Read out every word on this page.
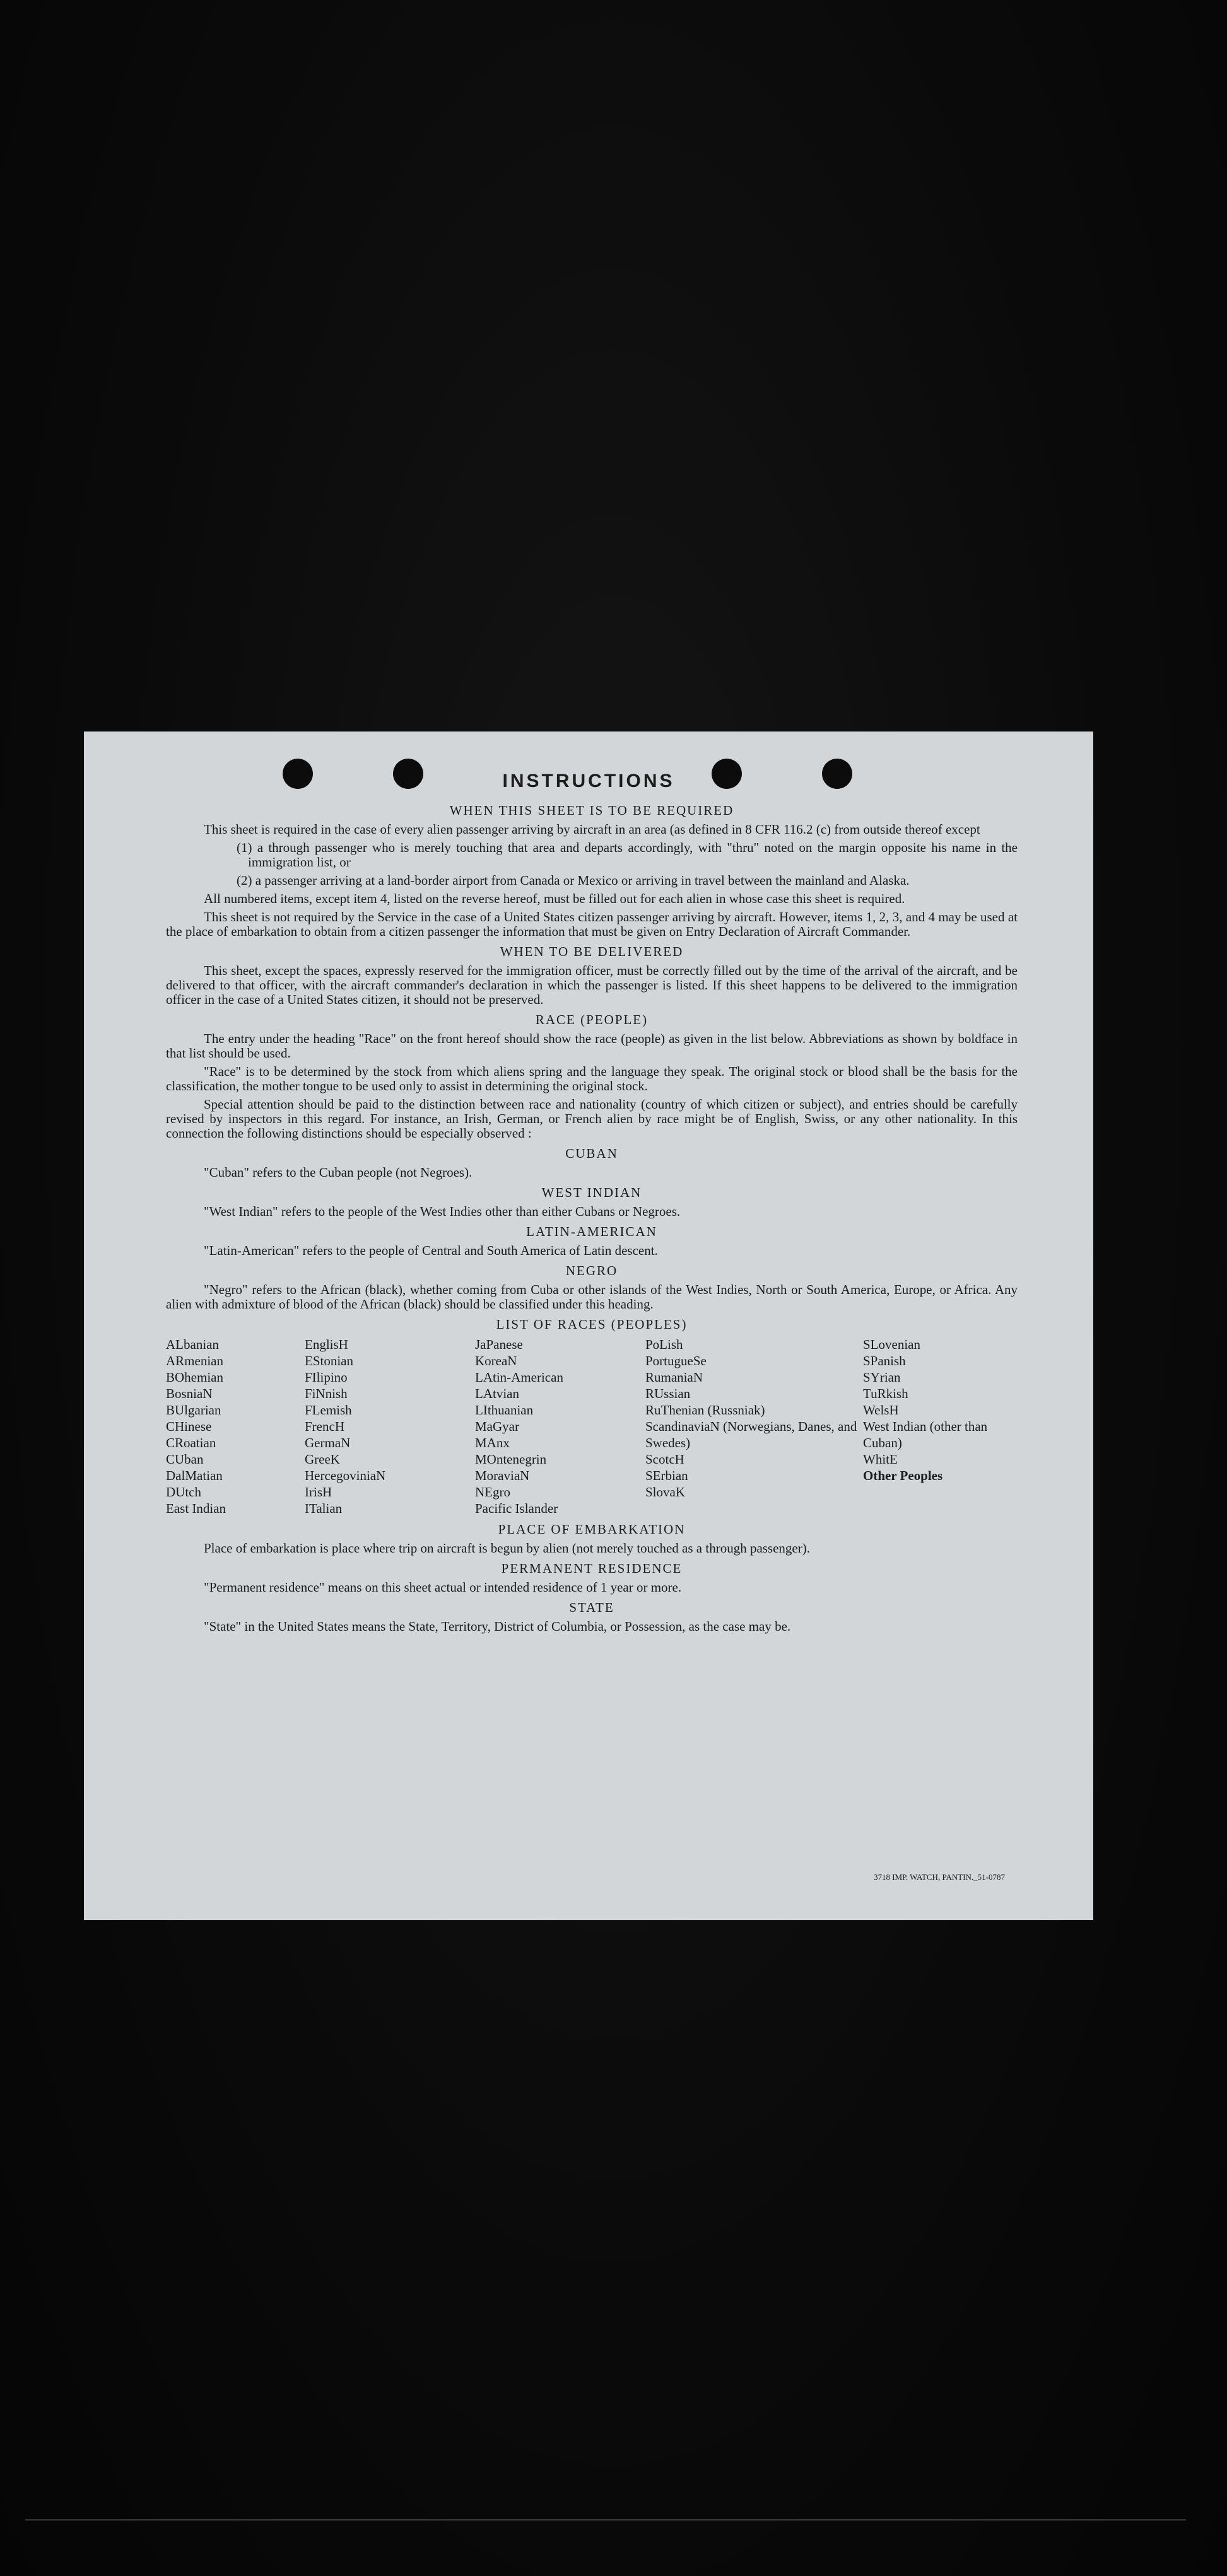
INSTRUCTIONS
WHEN THIS SHEET IS TO BE REQUIRED

This sheet is required in the case of every alien passenger arriving by aircraft in an area (as defined in 8 CFR 116.2 (c) from outside thereof except

(1) a through passenger who is merely touching that area and departs accordingly, with "thru" noted on the margin opposite his name in the immigration list, or
(2) a passenger arriving at a land-border airport from Canada or Mexico or arriving in travel between the mainland and Alaska.

All numbered items, except item 4, listed on the reverse hereof, must be filled out for each alien in whose case this sheet is required.

This sheet is not required by the Service in the case of a United States citizen passenger arriving by aircraft. However, items 1, 2, 3, and 4 may be used at the place of embarkation to obtain from a citizen passenger the information that must be given on Entry Declaration of Aircraft Commander.

WHEN TO BE DELIVERED

This sheet, except the spaces, expressly reserved for the immigration officer, must be correctly filled out by the time of the arrival of the aircraft, and be delivered to that officer, with the aircraft commander's declaration in which the passenger is listed. If this sheet happens to be delivered to the immigration officer in the case of a United States citizen, it should not be preserved.

RACE (PEOPLE)

The entry under the heading "Race" on the front hereof should show the race (people) as given in the list below. Abbreviations as shown by boldface in that list should be used.

"Race" is to be determined by the stock from which aliens spring and the language they speak. The original stock or blood shall be the basis for the classification, the mother tongue to be used only to assist in determining the original stock.

Special attention should be paid to the distinction between race and nationality (country of which citizen or subject), and entries should be carefully revised by inspectors in this regard. For instance, an Irish, German, or French alien by race might be of English, Swiss, or any other nationality. In this connection the following distinctions should be especially observed :

CUBAN

"Cuban" refers to the Cuban people (not Negroes).

WEST INDIAN

"West Indian" refers to the people of the West Indies other than either Cubans or Negroes.

LATIN-AMERICAN

"Latin-American" refers to the people of Central and South America of Latin descent.

NEGRO

"Negro" refers to the African (black), whether coming from Cuba or other islands of the West Indies, North or South America, Europe, or Africa. Any alien with admixture of blood of the African (black) should be classified under this heading.

LIST OF RACES (PEOPLES)
ALbanian
ARmenian
BOhemian
BosniaN
BUlgarian
CHinese
CRoatian
CUban
DalMatian
DUtch
East Indian
EnglisH
EStonian
FIlipino
FiNnish
FLemish
FrencH
GermaN
GreeK
HercegoviniaN
IrisH
ITalian
JaPanese
KoreaN
LAtin-American
LAtvian
LIthuanian
MaGyar
MAnx
MOntenegrin
MoraviaN
NEgro
Pacific Islander
PoLish
PortugueSe
RumaniaN
RUssian
RuThenian (Russniak)
ScandinaviaN (Norwegians, Danes, and Swedes)
ScotcH
SErbian
SlovaK
SLovenian
SPanish
SYrian
TuRkish
WelsH
West Indian (other than Cuban)
WhitE
Other Peoples
PLACE OF EMBARKATION

Place of embarkation is place where trip on aircraft is begun by alien (not merely touched as a through passenger).

PERMANENT RESIDENCE

"Permanent residence" means on this sheet actual or intended residence of 1 year or more.

STATE

"State" in the United States means the State, Territory, District of Columbia, or Possession, as the case may be.

3718 IMP. WATCH, PANTIN._51-0787
